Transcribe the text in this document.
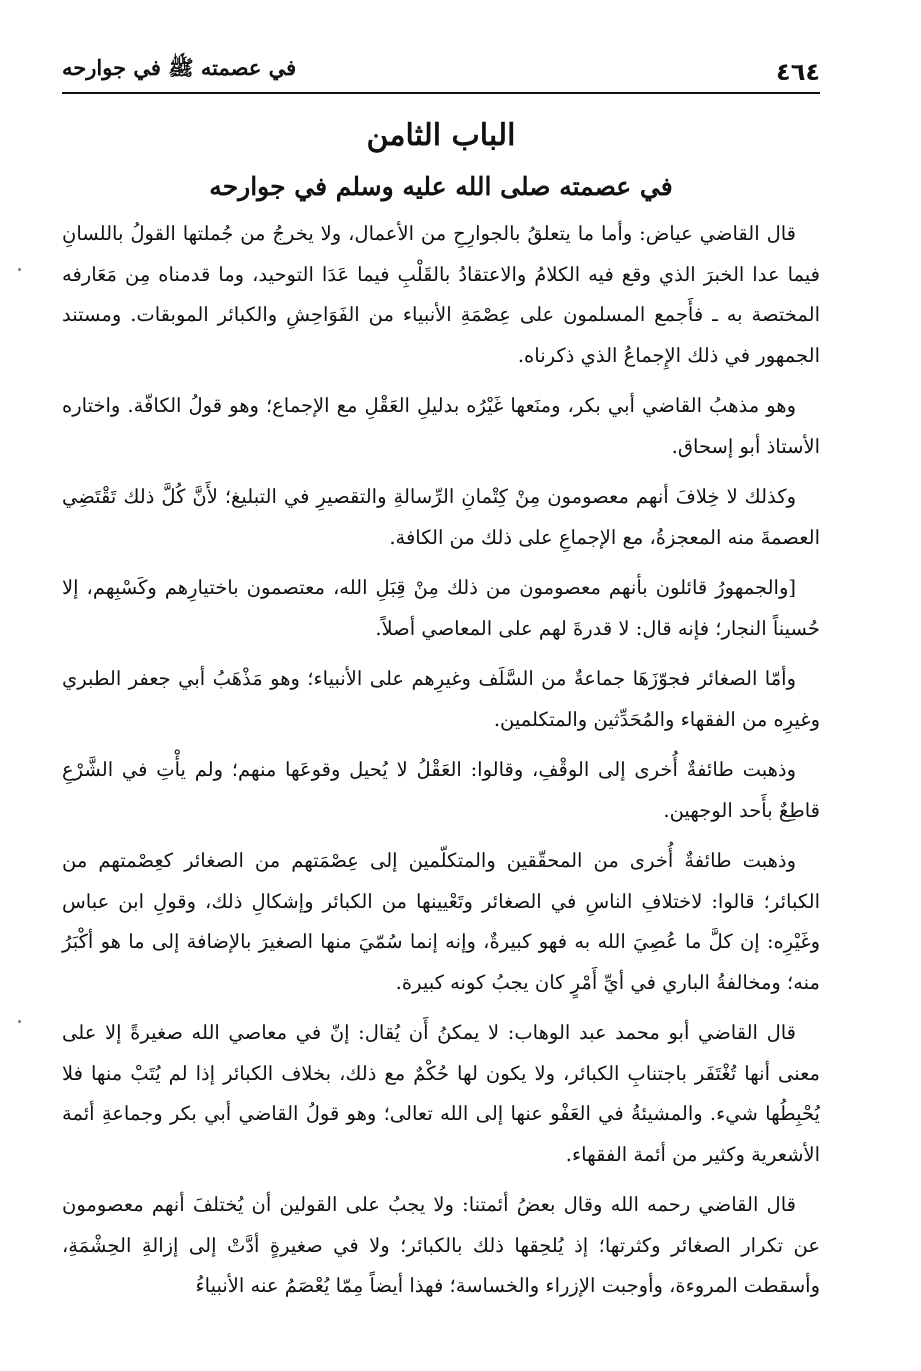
٤٦٤
في عصمته ﷺ في جوارحه
الباب الثامن
في عصمته صلى الله عليه وسلم في جوارحه

قال القاضي عياض: وأما ما يتعلقُ بالجوارِحِ من الأعمال، ولا يخرجُ من جُملتها القولُ باللسانِ فيما عدا الخبرَ الذي وقع فيه الكلامُ والاعتقادُ بالقَلْبِ فيما عَدَا التوحيد، وما قدمناه مِن مَعَارفه المختصة به ـ فأَجمع المسلمون على عِصْمَةِ الأنبياء من الفَوَاحِشِ والكبائر الموبقات. ومستند الجمهور في ذلك الإِجماعُ الذي ذكرناه.

وهو مذهبُ القاضي أبي بكر، ومنَعها غَيْرُه بدليلِ العَقْلِ مع الإجماع؛ وهو قولُ الكافّة. واختاره الأستاذ أبو إسحاق.

وكذلك لا خِلافَ أنهم معصومون مِنْ كِتْمانِ الرِّسالةِ والتقصيرِ في التبليغ؛ لأَنَّ كُلَّ ذلك تَقْتَضِي العصمةَ منه المعجزةُ، مع الإجماعِ على ذلك من الكافة.

[والجمهورُ قائلون بأنهم معصومون من ذلك مِنْ قِبَلِ الله، معتصمون باختيارِهم وكَسْبِهم، إلا حُسيناً النجار؛ فإنه قال: لا قدرةَ لهم على المعاصي أصلاً.

وأمّا الصغائر فجوّزَهَا جماعةٌ من السَّلَف وغيرِهم على الأنبياء؛ وهو مَذْهَبُ أبي جعفر الطبري وغيرِه من الفقهاء والمُحَدِّثين والمتكلمين.

وذهبت طائفةٌ أُخرى إلى الوقْفِ، وقالوا: العَقْلُ لا يُحيل وقوعَها منهم؛ ولم يأْتِ في الشَّرْعِ قاطِعٌ بأَحد الوجهين.

وذهبت طائفةٌ أُخرى من المحقّقين والمتكلّمين إلى عِصْمَتهم من الصغائر كعِصْمتهم من الكبائر؛ قالوا: لاختلافِ الناسِ في الصغائر وتَعْيينها من الكبائر وإشكالِ ذلك، وقولِ ابن عباس وغَيْرِه: إن كلَّ ما عُصِيَ الله به فهو كبيرةٌ، وإنه إنما سُمّيَ منها الصغيرَ بالإضافة إلى ما هو أكْبَرُ منه؛ ومخالفةُ الباري في أيِّ أَمْرٍ كان يجبُ كونه كبيرة.

قال القاضي أبو محمد عبد الوهاب: لا يمكنُ أَن يُقال: إنّ في معاصي الله صغيرةً إلا على معنى أنها تُغْتَفَر باجتنابِ الكبائر، ولا يكون لها حُكْمٌ مع ذلك، بخلاف الكبائر إذا لم يُتَبْ منها فلا يُحْبِطُها شيء. والمشيئةُ في العَفْو عنها إلى الله تعالى؛ وهو قولُ القاضي أبي بكر وجماعةِ أئمة الأشعرية وكثير من أئمة الفقهاء.

قال القاضي رحمه الله وقال بعضُ أئمتنا: ولا يجبُ على القولين أن يُختلفَ أنهم معصومون عن تكرار الصغائر وكثرتها؛ إذ يُلحِقها ذلك بالكبائر؛ ولا في صغيرةٍ أدَّتْ إلى إزالةِ الحِشْمَةِ، وأسقطت المروءة، وأوجبت الإزراء والخساسة؛ فهذا أيضاً مِمّا يُعْصَمُ عنه الأنبياءُ
